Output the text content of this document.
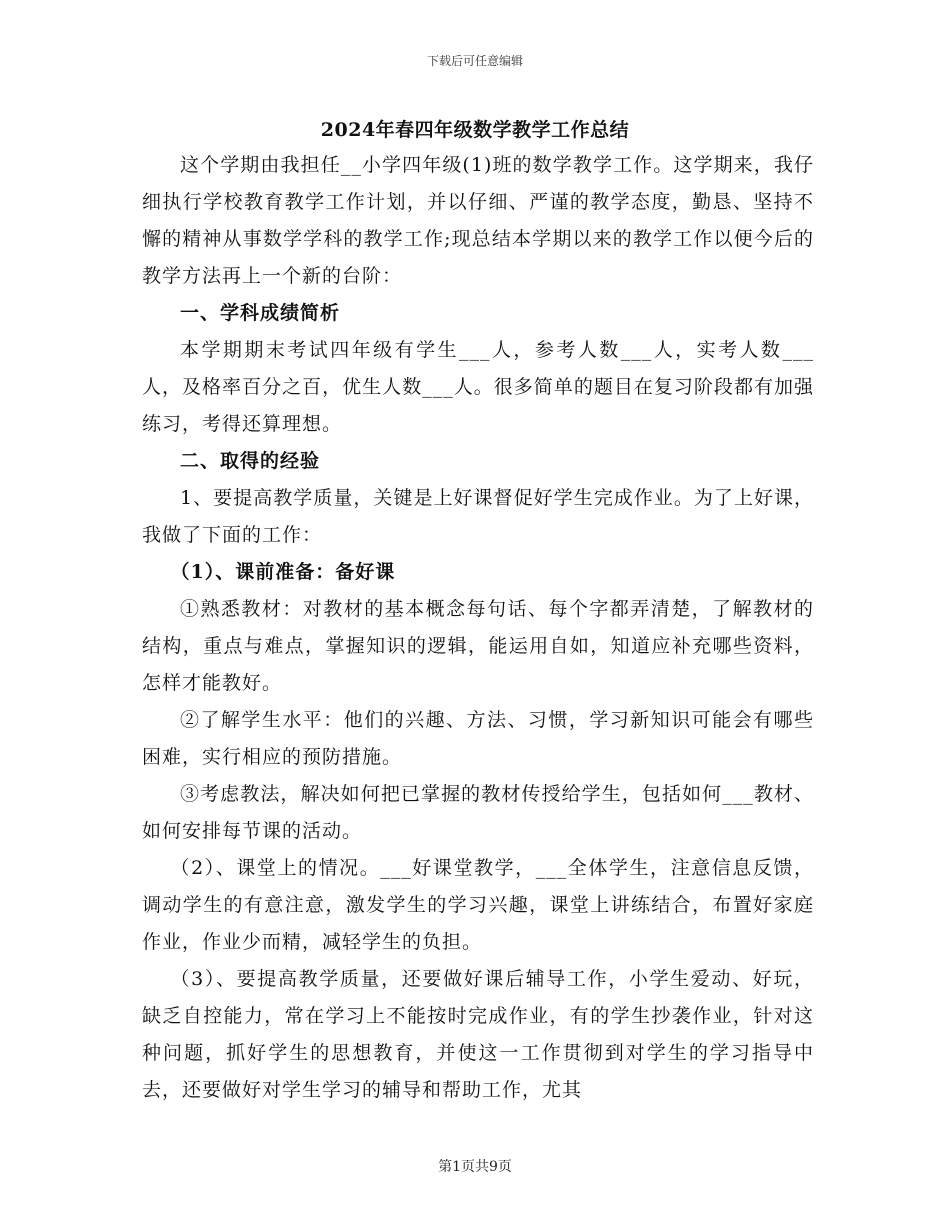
下载后可任意编辑
2024年春四年级数学教学工作总结

这个学期由我担任__小学四年级(1)班的数学教学工作。这学期来，我仔细执行学校教育教学工作计划，并以仔细、严谨的教学态度，勤恳、坚持不懈的精神从事数学学科的教学工作;现总结本学期以来的教学工作以便今后的教学方法再上一个新的台阶：

一、学科成绩简析

本学期期末考试四年级有学生___人，参考人数___人，实考人数___人，及格率百分之百，优生人数___人。很多简单的题目在复习阶段都有加强练习，考得还算理想。

二、取得的经验

1、要提高教学质量，关键是上好课督促好学生完成作业。为了上好课，我做了下面的工作：

（1）、课前准备：备好课

①熟悉教材：对教材的基本概念每句话、每个字都弄清楚，了解教材的结构，重点与难点，掌握知识的逻辑，能运用自如，知道应补充哪些资料，怎样才能教好。

②了解学生水平：他们的兴趣、方法、习惯，学习新知识可能会有哪些困难，实行相应的预防措施。

③考虑教法，解决如何把已掌握的教材传授给学生，包括如何___教材、如何安排每节课的活动。

（2）、课堂上的情况。___好课堂教学，___全体学生，注意信息反馈，调动学生的有意注意，激发学生的学习兴趣，课堂上讲练结合，布置好家庭作业，作业少而精，减轻学生的负担。

（3）、要提高教学质量，还要做好课后辅导工作，小学生爱动、好玩，缺乏自控能力，常在学习上不能按时完成作业，有的学生抄袭作业，针对这种问题，抓好学生的思想教育，并使这一工作贯彻到对学生的学习指导中去，还要做好对学生学习的辅导和帮助工作，尤其

第1页共9页
